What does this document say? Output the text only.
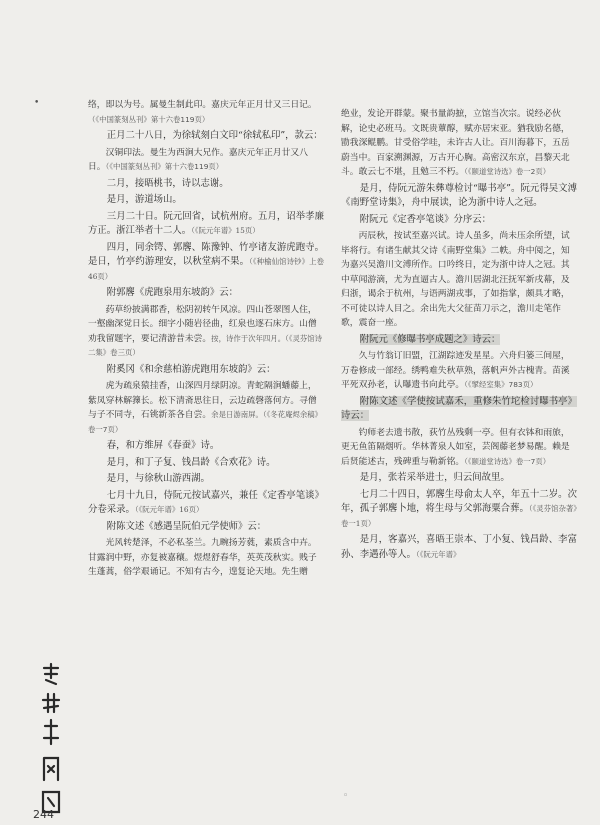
•	络，即以为号。属曼生制此印。嘉庆元年正月廿又三日记。（《中国篆刻丛刊》第十六卷119页）
正月二十八日，为徐轼刻白文印“徐轼私印”，款云：
汉铜印法。曼生为西涧大兄作。嘉庆元年正月廿又八日。（《中国篆刻丛刊》第十六卷119页）
二月，接晤桃书，诗以志谢。
是月，游道场山。
三月二十日。阮元回省，试杭州府。五月，诏举孝廉方正。浙江举者十二人。（《阮元年谱》15页）
四月，同余锷、郭麐、陈豫钟、竹亭诸友游虎跑寺。是日，竹亭约游理安，以秋堂病不果。（《种榆仙馆诗钞》上卷46页）
附郭麐《虎跑泉用东坡韵》云：
药草纷披满郡香，松阴初转午风凉。四山苍翠图人住，一壑幽深觉日长。细字小随岩径曲，红泉也逐石床方。山僧劝我留题字，要记清游昔未尝。按，诗作于次年四月。（《灵芬馆诗二集》卷三页）
附奚冈《和余慈柏游虎跑用东坡韵》云：
虎为疏泉猿挂香，山深四月绿阴凉。青蛇隔涧蟠藤上，紫凤穿林解籜长。松下清斋思往日，云边疏磬落何方。寻僧与子不同寺，石铫新茶各自尝。余是日游南屏。（《冬花庵烬余稿》卷一7页）
春，和方维屏《春蚕》诗。
是月，和丁子复、钱昌龄《合欢花》诗。
是月，与徐秋山游西湖。
七月十九日，侍阮元按试嘉兴，兼任《定香亭笔谈》分卷采录。（《阮元年谱》16页）
附陈文述《感遇呈阮伯元学使师》云：
光风转楚泽，不必私荃兰。九畹扬芳蕤，素质含中卉。甘露润中野，亦复被嘉穰。煜煜舒春华，英英茂秋实。贱子生蓬蒿，俗学艰诵记。不知有古今，遑复论天地。先生赠
绝业，发论开群蒙。聚书量韵摭，立馆当次宗。说经必伙解，论史必班马。文既贵蕈醇，赋亦居宋亚。猶我励名德，勖我深鲲鹏。甘受俗学哇，未许古人让。百川海暮下，五岳蔚当中。百家溯渊源，万古开心胸。高密汉东京，昌黎天北斗。敢云七不堪，且勉三不朽。（《颐道堂诗选》卷一2页）
是月，侍阮元游朱彝尊检讨“曝书亭”。阮元得吴文溥《南野堂诗集》，舟中展读，论为浙中诗人之冠。
附阮元《定香亭笔谈》分序云：
丙辰秋，按试至嘉兴试。诗人虽多，尚未压余所望，试毕将行。有诸生献其父诗《南野堂集》二帙。舟中阅之，知为嘉兴吴澹川文溥所作。口吟终日，定为浙中诗人之冠。其中草闻游滴，尤为直逼古人。澹川居湖北汪抚军新戌幕，及归浙，谒余于杭州，与语两湖戎事，了如指掌，颇具才略，不可徒以诗人目之。余出先大父征苗刀示之，澹川走笔作歌，震奋一座。
附阮元《修曝书亭成题之》诗云：
久与竹翁订旧盟，江湖踪迹发星星。六舟归篓三间屋，万卷修成一部经。绣鸭难失秋草熟，落帆声外古槐青。苗溪平死双孙老，认曝遗书向此亭。（《揅经室集》783页）
附陈文述《学使按试嘉禾，重修朱竹坨检讨曝书亭》诗云：
钓师老去遗书散，荻竹丛残剩一亭。但有衣钵和雨旅，更无鱼笛隔烟听。华林菁泉人如室，芸阁藤老梦易醒。赖是后贤能述古，残碑重与勒新铭。（《颐道堂诗选》卷一7页）
是月，张若采举进士，归云间故里。
七月二十四日，郭麐生母俞太人卒，年五十二岁。次年，孤子郭麐卜地，将生母与父郭海粟合葬。（《灵芬馆杂著》卷一1页）
是月，客嘉兴，喜晤王崇本、丁小复、钱昌龄、李富孙、李遇孙等人。（《阮元年谱》
244
◦
